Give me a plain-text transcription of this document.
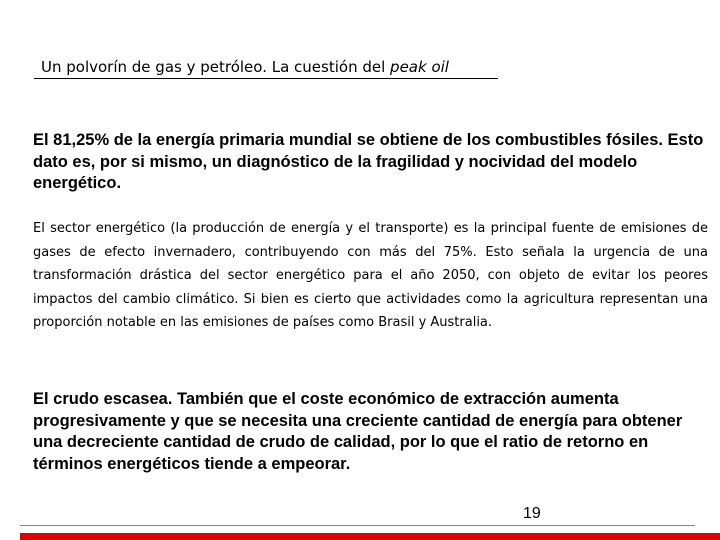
Un polvorín de gas y petróleo. La cuestión del peak oil

El 81,25% de la energía primaria mundial se obtiene de los combustibles fósiles. Esto dato es, por si mismo, un diagnóstico de la fragilidad y nocividad del modelo energético.

El sector energético (la producción de energía y el transporte) es la principal fuente de emisiones de gases de efecto invernadero, contribuyendo con más del 75%. Esto señala la urgencia de una transformación drástica del sector energético para el año 2050, con objeto de evitar los peores impactos del cambio climático. Si bien es cierto que actividades como la agricultura representan una proporción notable en las emisiones de países como Brasil y Australia.

El crudo escasea. También que el coste económico de extracción aumenta progresivamente y que se necesita una creciente cantidad de energía para obtener una decreciente cantidad de crudo de calidad, por lo que el ratio de retorno en términos energéticos tiende a empeorar.

19
